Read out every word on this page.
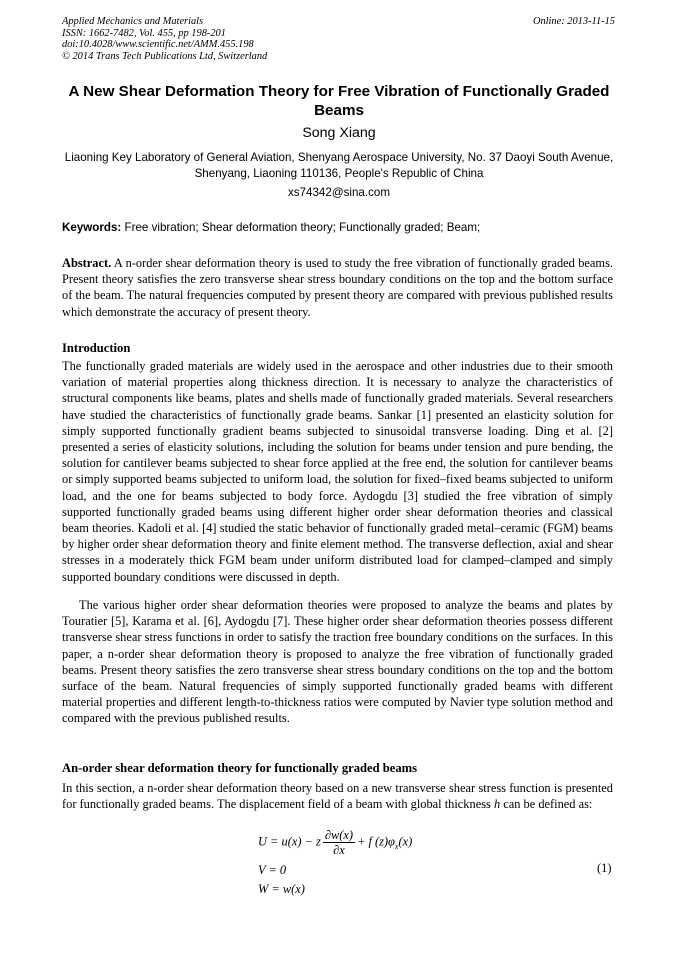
Applied Mechanics and Materials
ISSN: 1662-7482, Vol. 455, pp 198-201
doi:10.4028/www.scientific.net/AMM.455.198
© 2014 Trans Tech Publications Ltd, Switzerland
Online: 2013-11-15
A New Shear Deformation Theory for Free Vibration of Functionally Graded Beams
Song Xiang
Liaoning Key Laboratory of General Aviation, Shenyang Aerospace University, No. 37 Daoyi South Avenue, Shenyang, Liaoning 110136, People's Republic of China
xs74342@sina.com
Keywords: Free vibration; Shear deformation theory; Functionally graded; Beam;
Abstract. A n-order shear deformation theory is used to study the free vibration of functionally graded beams. Present theory satisfies the zero transverse shear stress boundary conditions on the top and the bottom surface of the beam. The natural frequencies computed by present theory are compared with previous published results which demonstrate the accuracy of present theory.
Introduction
The functionally graded materials are widely used in the aerospace and other industries due to their smooth variation of material properties along thickness direction. It is necessary to analyze the characteristics of structural components like beams, plates and shells made of functionally graded materials. Several researchers have studied the characteristics of functionally grade beams. Sankar [1] presented an elasticity solution for simply supported functionally gradient beams subjected to sinusoidal transverse loading. Ding et al. [2] presented a series of elasticity solutions, including the solution for beams under tension and pure bending, the solution for cantilever beams subjected to shear force applied at the free end, the solution for cantilever beams or simply supported beams subjected to uniform load, the solution for fixed–fixed beams subjected to uniform load, and the one for beams subjected to body force. Aydogdu [3] studied the free vibration of simply supported functionally graded beams using different higher order shear deformation theories and classical beam theories. Kadoli et al. [4] studied the static behavior of functionally graded metal–ceramic (FGM) beams by higher order shear deformation theory and finite element method. The transverse deflection, axial and shear stresses in a moderately thick FGM beam under uniform distributed load for clamped–clamped and simply supported boundary conditions were discussed in depth.
The various higher order shear deformation theories were proposed to analyze the beams and plates by Touratier [5], Karama et al. [6], Aydogdu [7]. These higher order shear deformation theories possess different transverse shear stress functions in order to satisfy the traction free boundary conditions on the surfaces. In this paper, a n-order shear deformation theory is proposed to analyze the free vibration of functionally graded beams. Present theory satisfies the zero transverse shear stress boundary conditions on the top and the bottom surface of the beam. Natural frequencies of simply supported functionally graded beams with different material properties and different length-to-thickness ratios were computed by Navier type solution method and compared with the previous published results.
An-order shear deformation theory for functionally graded beams
In this section, a n-order shear deformation theory based on a new transverse shear stress function is presented for functionally graded beams. The displacement field of a beam with global thickness h can be defined as:
U = u(x) − z $\frac{\partial w(x)}{\partial x} + f$ $(z)\varphi_x(x)$
V = 0
W = w(x)
(1)
